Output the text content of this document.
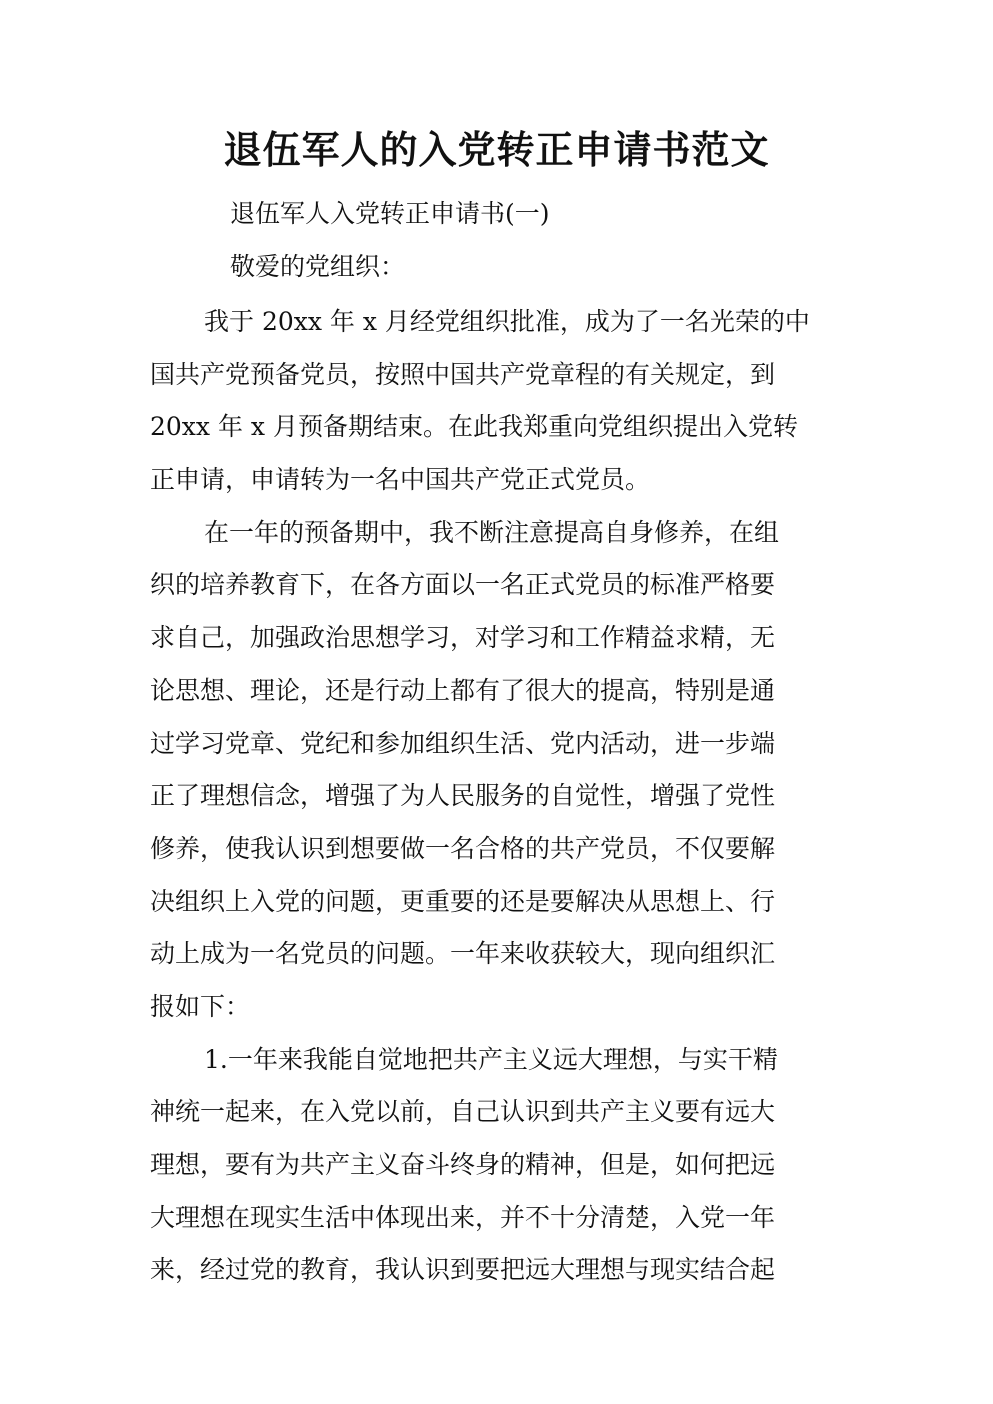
退伍军人的入党转正申请书范文

退伍军人入党转正申请书(一)

敬爱的党组织：

我于 20xx 年 x 月经党组织批准，成为了一名光荣的中
国共产党预备党员，按照中国共产党章程的有关规定，到
20xx 年 x 月预备期结束。在此我郑重向党组织提出入党转
正申请，申请转为一名中国共产党正式党员。

在一年的预备期中，我不断注意提高自身修养，在组
织的培养教育下，在各方面以一名正式党员的标准严格要
求自己，加强政治思想学习，对学习和工作精益求精，无
论思想、理论，还是行动上都有了很大的提高，特别是通
过学习党章、党纪和参加组织生活、党内活动，进一步端
正了理想信念，增强了为人民服务的自觉性，增强了党性
修养，使我认识到想要做一名合格的共产党员，不仅要解
决组织上入党的问题，更重要的还是要解决从思想上、行
动上成为一名党员的问题。一年来收获较大，现向组织汇
报如下：

1.一年来我能自觉地把共产主义远大理想，与实干精
神统一起来，在入党以前，自己认识到共产主义要有远大
理想，要有为共产主义奋斗终身的精神，但是，如何把远
大理想在现实生活中体现出来，并不十分清楚，入党一年
来，经过党的教育，我认识到要把远大理想与现实结合起
